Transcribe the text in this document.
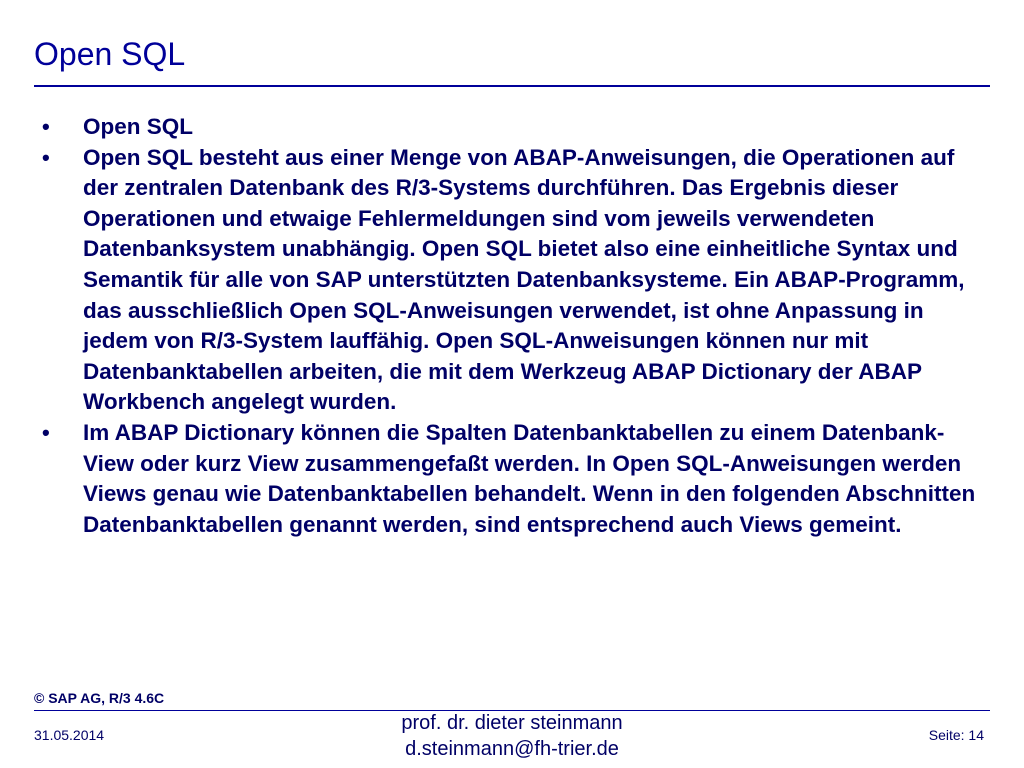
Open SQL
• Open SQL
• Open SQL besteht aus einer Menge von ABAP-Anweisungen, die Operationen auf der zentralen Datenbank des R/3-Systems durchführen. Das Ergebnis dieser Operationen und etwaige Fehlermeldungen sind vom jeweils verwendeten Datenbanksystem unabhängig. Open SQL bietet also eine einheitliche Syntax und Semantik für alle von SAP unterstützten Datenbanksysteme. Ein ABAP-Programm, das ausschließlich Open SQL-Anweisungen verwendet, ist ohne Anpassung in jedem von R/3-System lauffähig. Open SQL-Anweisungen können nur mit Datenbanktabellen arbeiten, die mit dem Werkzeug ABAP Dictionary der ABAP Workbench angelegt wurden.
• Im ABAP Dictionary können die Spalten Datenbanktabellen zu einem Datenbank-View oder kurz View zusammengefaßt werden. In Open SQL-Anweisungen werden Views genau wie Datenbanktabellen behandelt. Wenn in den folgenden Abschnitten Datenbanktabellen genannt werden, sind entsprechend auch Views gemeint.
© SAP AG, R/3 4.6C
31.05.2014
prof. dr. dieter steinmann
d.steinmann@fh-trier.de
Seite: 14
